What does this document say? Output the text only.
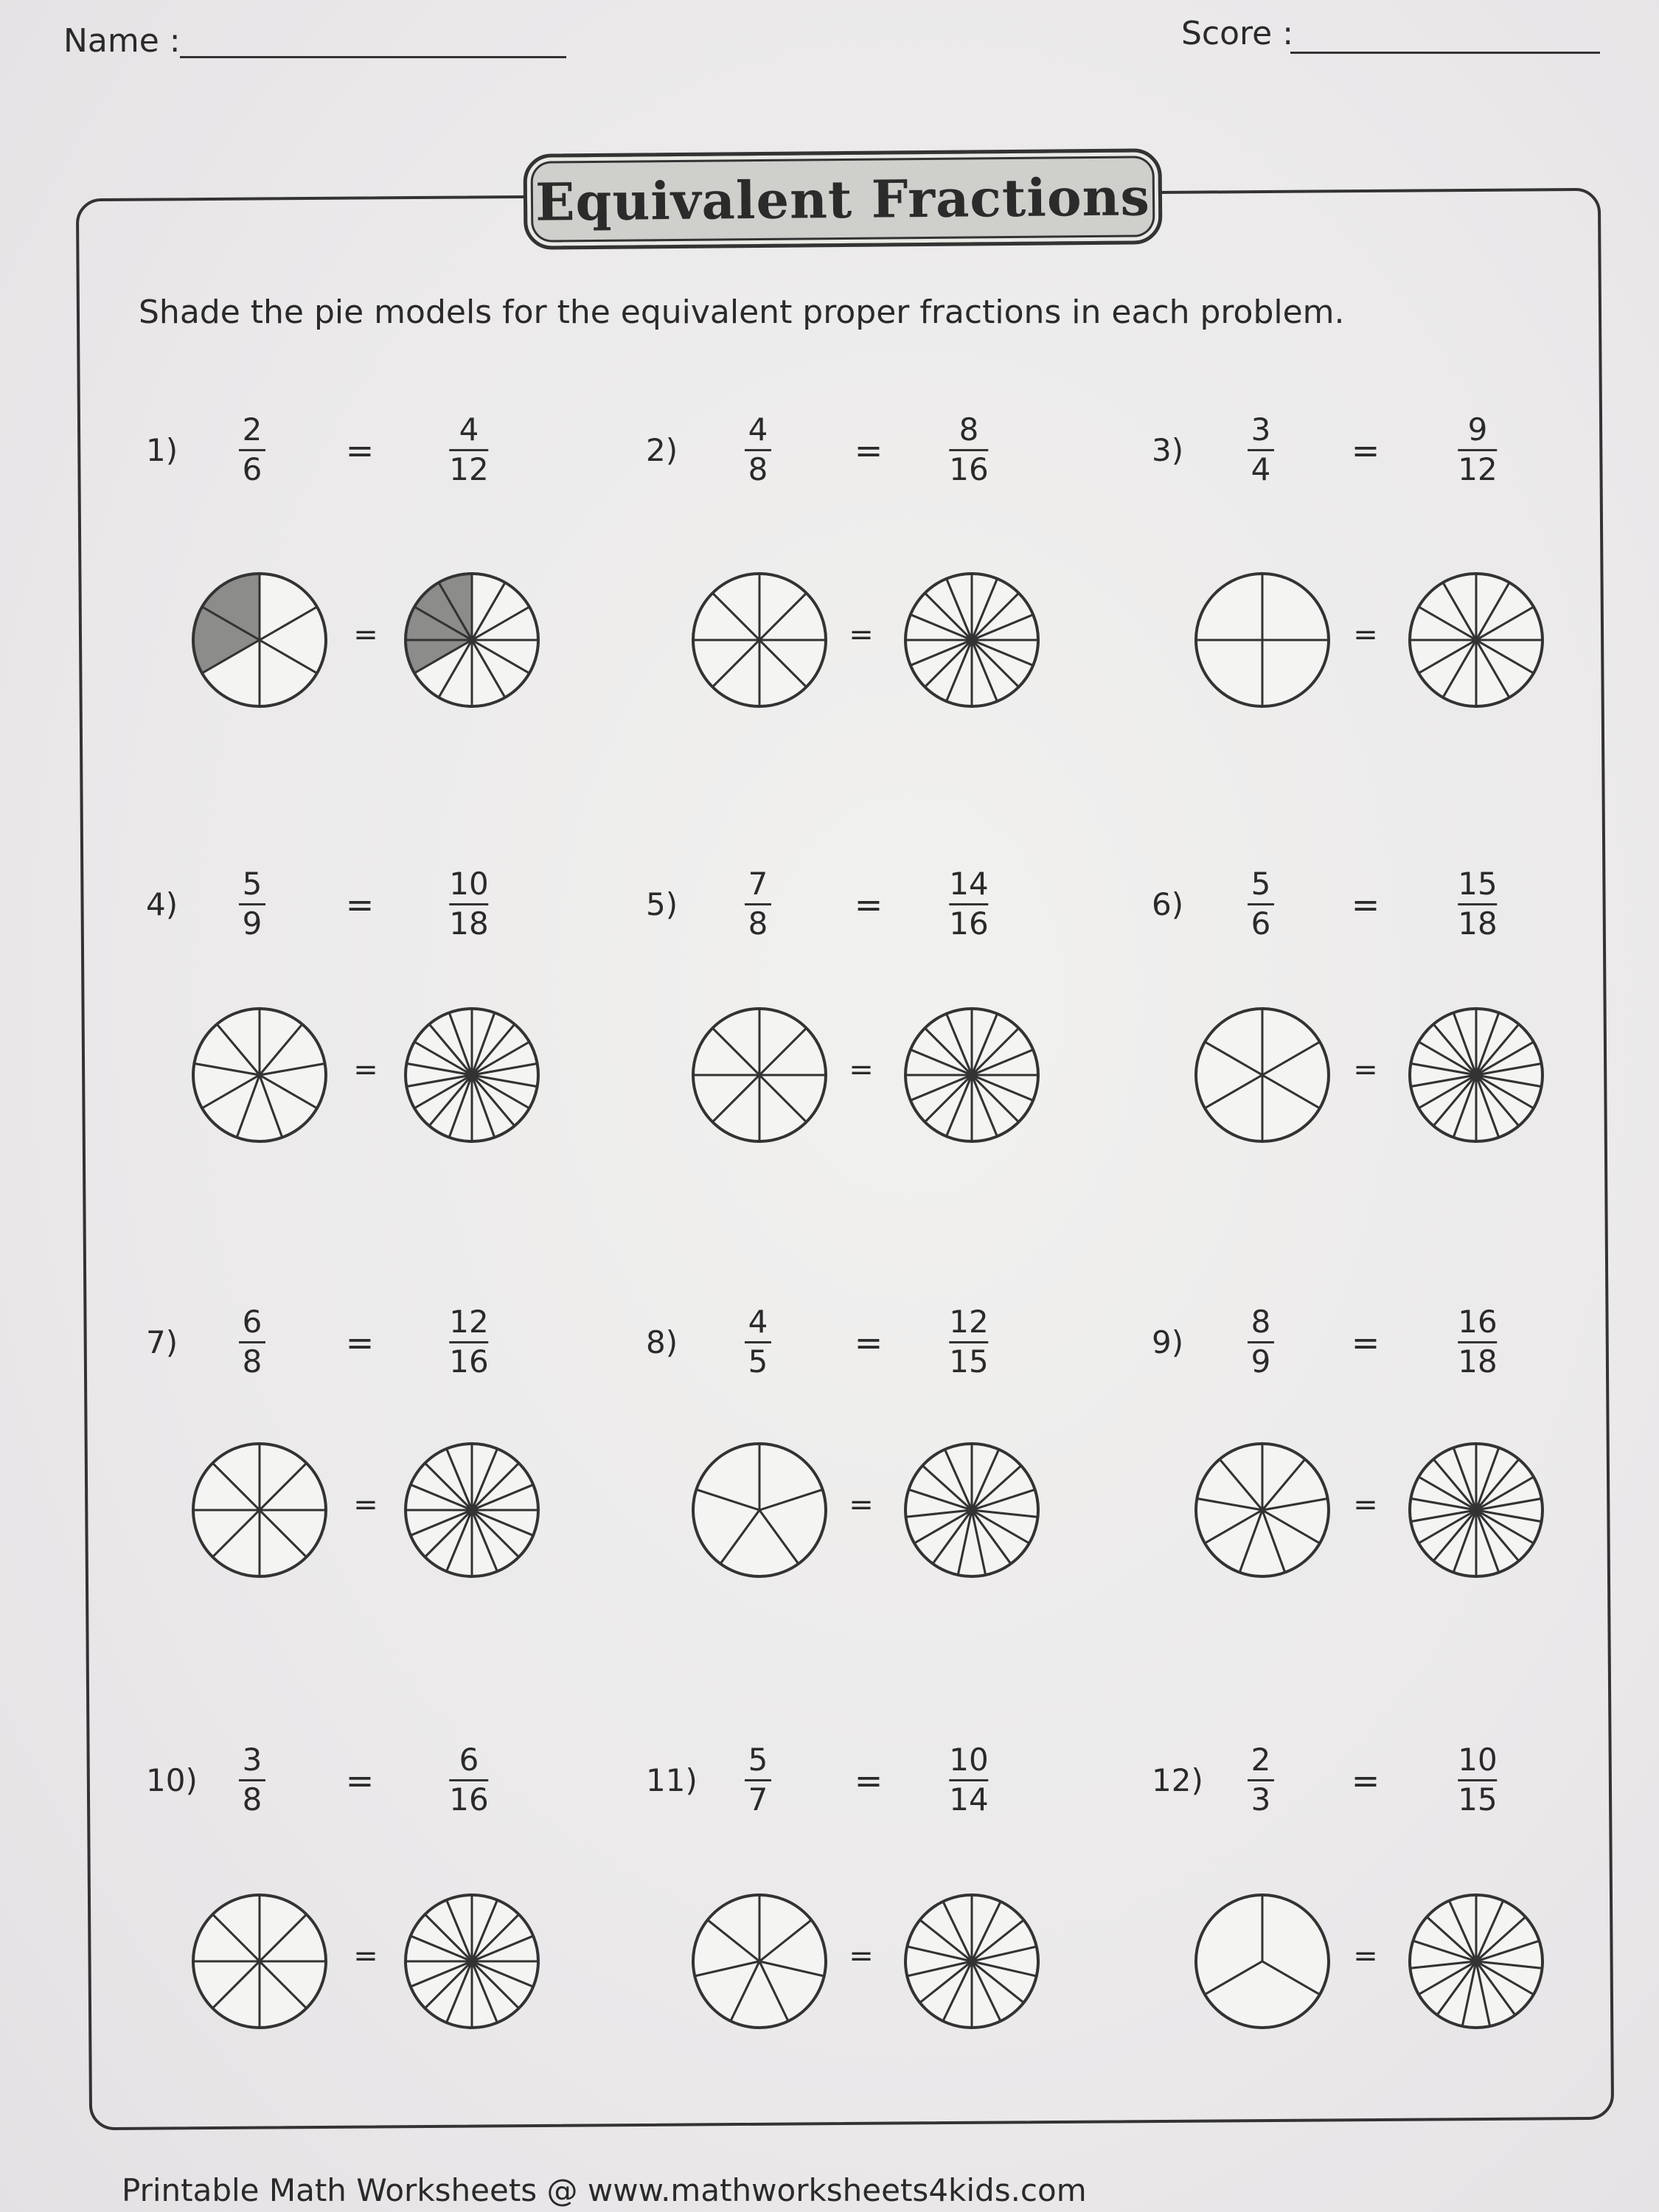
Name :	Score :
Equivalent Fractions
Shade the pie models for the equivalent proper fractions in each problem.
1)
2
6 =
4
12
=
2)
4
8	=
8
16
=
3)
3
4 =
9
12
=
4)
5
9 =
10
18
=
5)
7
8	=
14
16
=
6)
5
6 =
15
18
=
7)
6
8 =
12
16
=
8)
4
5	=
12
15
=
9)
8
9 =
16
18
=
10)
3
8 =
6
16
=
11)
5
7	=
10
14
=
12)
2
3 =
10
15
=
Printable Math Worksheets @ www.mathworksheets4kids.com
